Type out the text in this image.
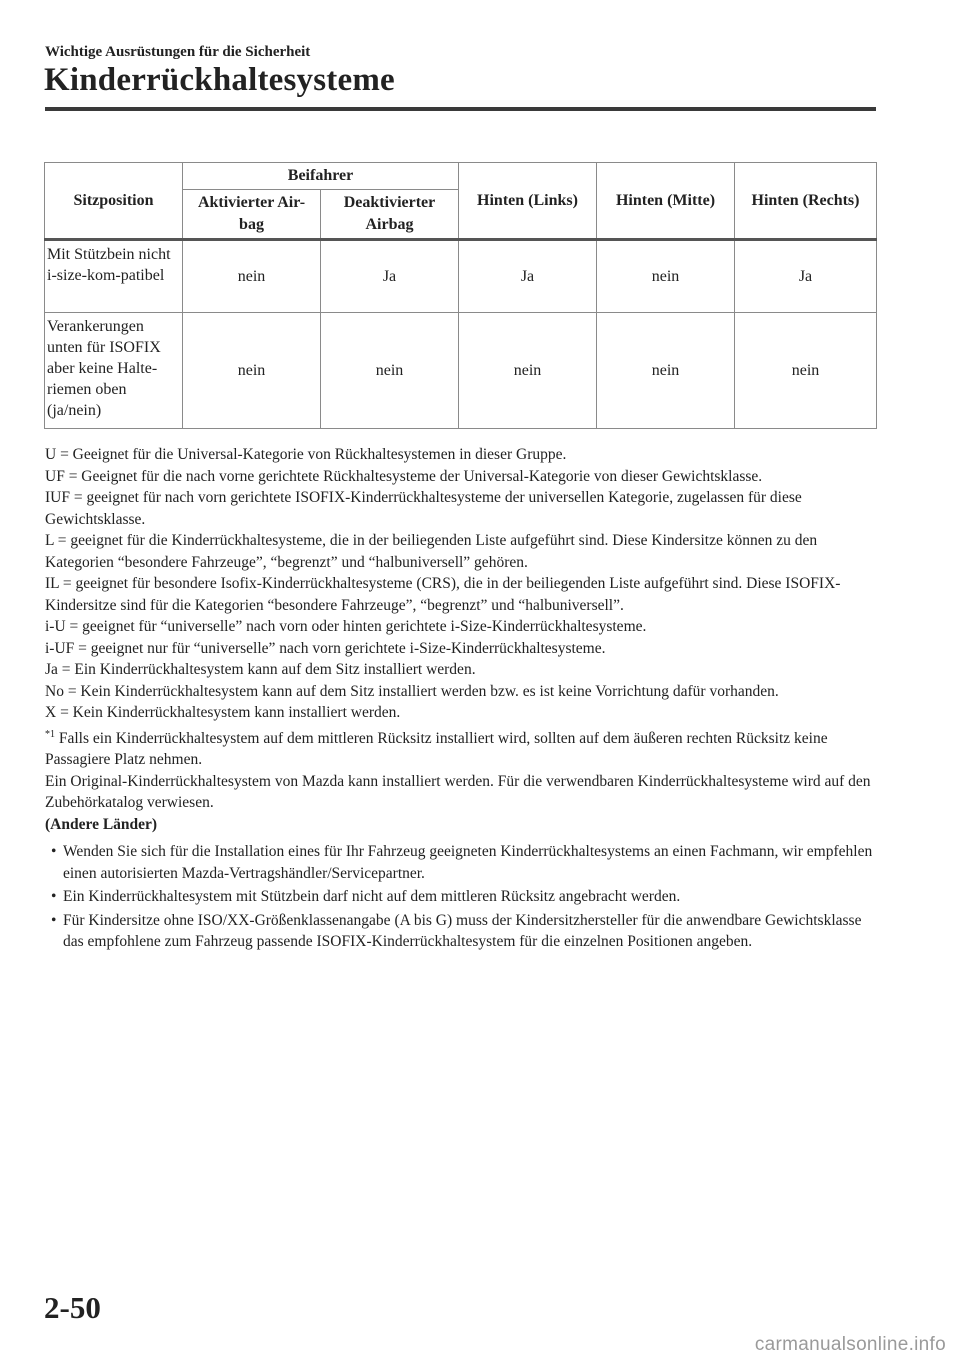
Wichtige Ausrüstungen für die Sicherheit
Kinderrückhaltesysteme
Sitzposition	Beifahrer		Hinten (Links)	Hinten (Mitte)	Hinten (Rechts)
	Aktivierter Air-bag	Deaktivierter Airbag			
Mit Stützbein nicht i-size-kom-patibel	nein	Ja	Ja	nein	Ja
Verankerungen unten für ISOFIX aber keine Halte-riemen oben (ja/nein)	nein	nein	nein	nein	nein

U = Geeignet für die Universal-Kategorie von Rückhaltesystemen in dieser Gruppe.

UF = Geeignet für die nach vorne gerichtete Rückhaltesysteme der Universal-Kategorie von dieser Gewichtsklasse.

IUF = geeignet für nach vorn gerichtete ISOFIX-Kinderrückhaltesysteme der universellen Kategorie, zugelassen für diese Gewichtsklasse.

L = geeignet für die Kinderrückhaltesysteme, die in der beiliegenden Liste aufgeführt sind. Diese Kindersitze können zu den Kategorien “besondere Fahrzeuge”, “begrenzt” und “halbuniversell” gehören.

IL = geeignet für besondere Isofix-Kinderrückhaltesysteme (CRS), die in der beiliegenden Liste aufgeführt sind. Diese ISOFIX-Kindersitze sind für die Kategorien “besondere Fahrzeuge”, “begrenzt” und “halbuniversell”.

i-U = geeignet für “universelle” nach vorn oder hinten gerichtete i-Size-Kinderrückhaltesysteme.

i-UF = geeignet nur für “universelle” nach vorn gerichtete i-Size-Kinderrückhaltesysteme.

Ja = Ein Kinderrückhaltesystem kann auf dem Sitz installiert werden.

No = Kein Kinderrückhaltesystem kann auf dem Sitz installiert werden bzw. es ist keine Vorrichtung dafür vorhanden.

X = Kein Kinderrückhaltesystem kann installiert werden.

$^{*1}$ Falls ein Kinderrückhaltesystem auf dem mittleren Rücksitz installiert wird, sollten auf dem äußeren rechten Rücksitz keine Passagiere Platz nehmen.

Ein Original-Kinderrückhaltesystem von Mazda kann installiert werden. Für die verwendbaren Kinderrückhaltesysteme wird auf den Zubehörkatalog verwiesen.

(Andere Länder)

• Wenden Sie sich für die Installation eines für Ihr Fahrzeug geeigneten Kinderrückhaltesystems an einen Fachmann, wir empfehlen einen autorisierten Mazda-Vertragshändler/Servicepartner.
• Ein Kinderrückhaltesystem mit Stützbein darf nicht auf dem mittleren Rücksitz angebracht werden.
• Für Kindersitze ohne ISO/XX-Größenklassenangabe (A bis G) muss der Kindersitzhersteller für die anwendbare Gewichtsklasse das empfohlene zum Fahrzeug passende ISOFIX-Kinderrückhaltesystem für die einzelnen Positionen angeben.
2-50
carmanualsonline.info
